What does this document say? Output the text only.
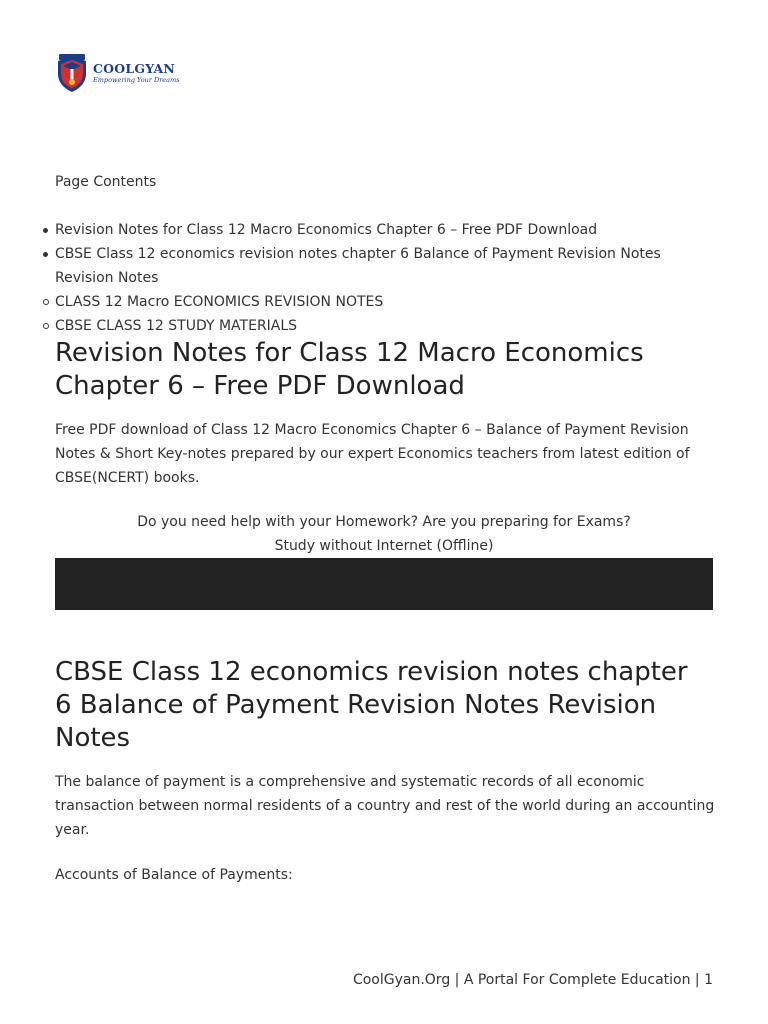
COOLGYAN
Empowering Your Dreams
Page Contents
Revision Notes for Class 12 Macro Economics Chapter 6 – Free PDF Download
CBSE Class 12 economics revision notes chapter 6 Balance of Payment Revision Notes Revision Notes
CLASS 12 Macro ECONOMICS REVISION NOTES
CBSE CLASS 12 STUDY MATERIALS
Revision Notes for Class 12 Macro Economics Chapter 6 – Free PDF Download

Free PDF download of Class 12 Macro Economics Chapter 6 – Balance of Payment Revision Notes & Short Key-notes prepared by our expert Economics teachers from latest edition of CBSE(NCERT) books.

Do you need help with your Homework? Are you preparing for Exams?
Study without Internet (Offline)
CBSE Class 12 economics revision notes chapter 6 Balance of Payment Revision Notes Revision Notes

The balance of payment is a comprehensive and systematic records of all economic transaction between normal residents of a country and rest of the world during an accounting year.

Accounts of Balance of Payments:
CoolGyan.Org | A Portal For Complete Education | 1
